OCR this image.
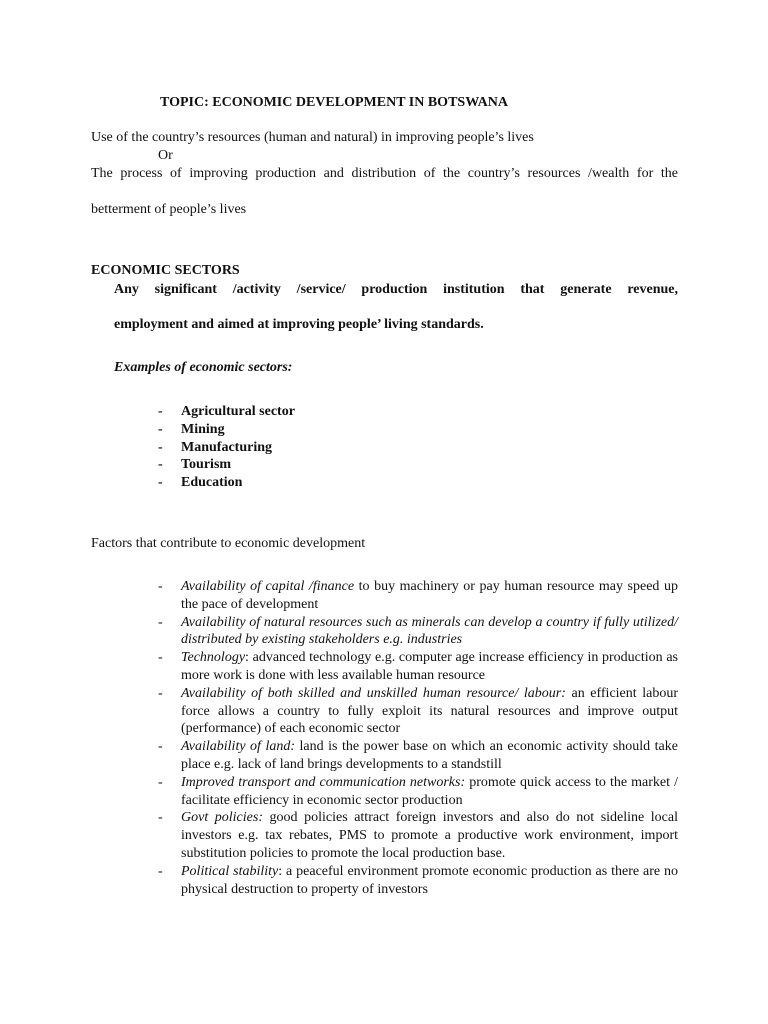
TOPIC: ECONOMIC DEVELOPMENT IN BOTSWANA
Use of the country’s resources (human and natural) in improving people’s lives
Or
The process of improving production and distribution of the country’s resources /wealth for the
betterment of people’s lives
ECONOMIC SECTORS
Any significant /activity /service/ production institution that generate revenue,
employment and aimed at improving people’ living standards.
Examples of economic sectors:
- Agricultural sector
- Mining
- Manufacturing
- Tourism
- Education
Factors that contribute to economic development
- Availability of capital /finance to buy machinery or pay human resource may speed up the pace of development
- Availability of natural resources such as minerals can develop a country if fully utilized/ distributed by existing stakeholders e.g. industries
- Technology: advanced technology e.g. computer age increase efficiency in production as more work is done with less available human resource
- Availability of both skilled and unskilled human resource/ labour: an efficient labour force allows a country to fully exploit its natural resources and improve output (performance) of each economic sector
- Availability of land: land is the power base on which an economic activity should take place e.g. lack of land brings developments to a standstill
- Improved transport and communication networks: promote quick access to the market / facilitate efficiency in economic sector production
- Govt policies: good policies attract foreign investors and also do not sideline local investors e.g. tax rebates, PMS to promote a productive work environment, import substitution policies to promote the local production base.
- Political stability: a peaceful environment promote economic production as there are no physical destruction to property of investors
